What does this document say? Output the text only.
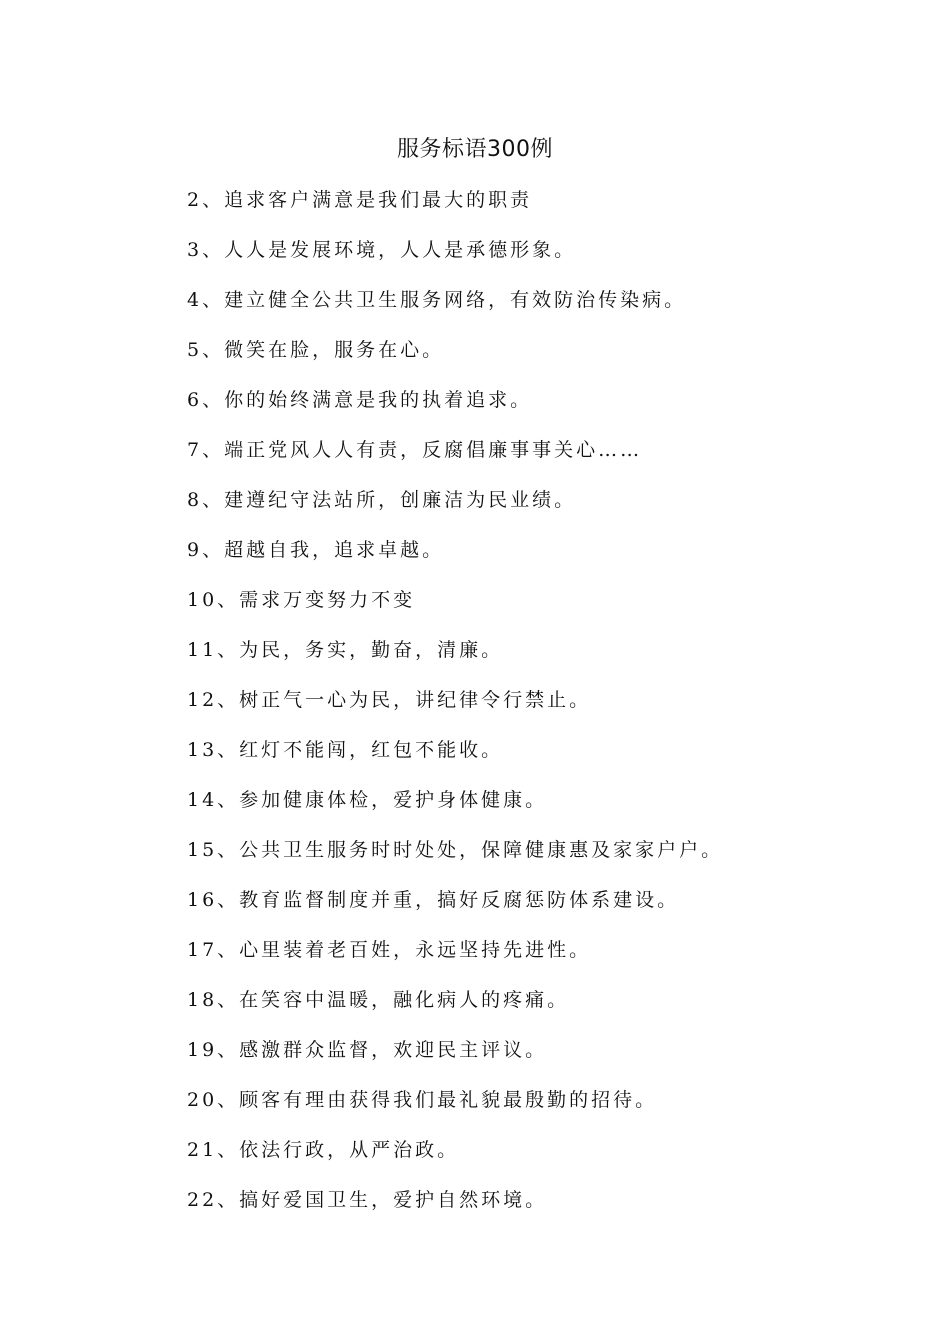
服务标语300例
2、追求客户满意是我们最大的职责
3、人人是发展环境，人人是承德形象。
4、建立健全公共卫生服务网络，有效防治传染病。
5、微笑在脸，服务在心。
6、你的始终满意是我的执着追求。
7、端正党风人人有责，反腐倡廉事事关心……
8、建遵纪守法站所，创廉洁为民业绩。
9、超越自我，追求卓越。
10、需求万变努力不变
11、为民，务实，勤奋，清廉。
12、树正气一心为民，讲纪律令行禁止。
13、红灯不能闯，红包不能收。
14、参加健康体检，爱护身体健康。
15、公共卫生服务时时处处，保障健康惠及家家户户。
16、教育监督制度并重，搞好反腐惩防体系建设。
17、心里装着老百姓，永远坚持先进性。
18、在笑容中温暖，融化病人的疼痛。
19、感激群众监督，欢迎民主评议。
20、顾客有理由获得我们最礼貌最殷勤的招待。
21、依法行政，从严治政。
22、搞好爱国卫生，爱护自然环境。
